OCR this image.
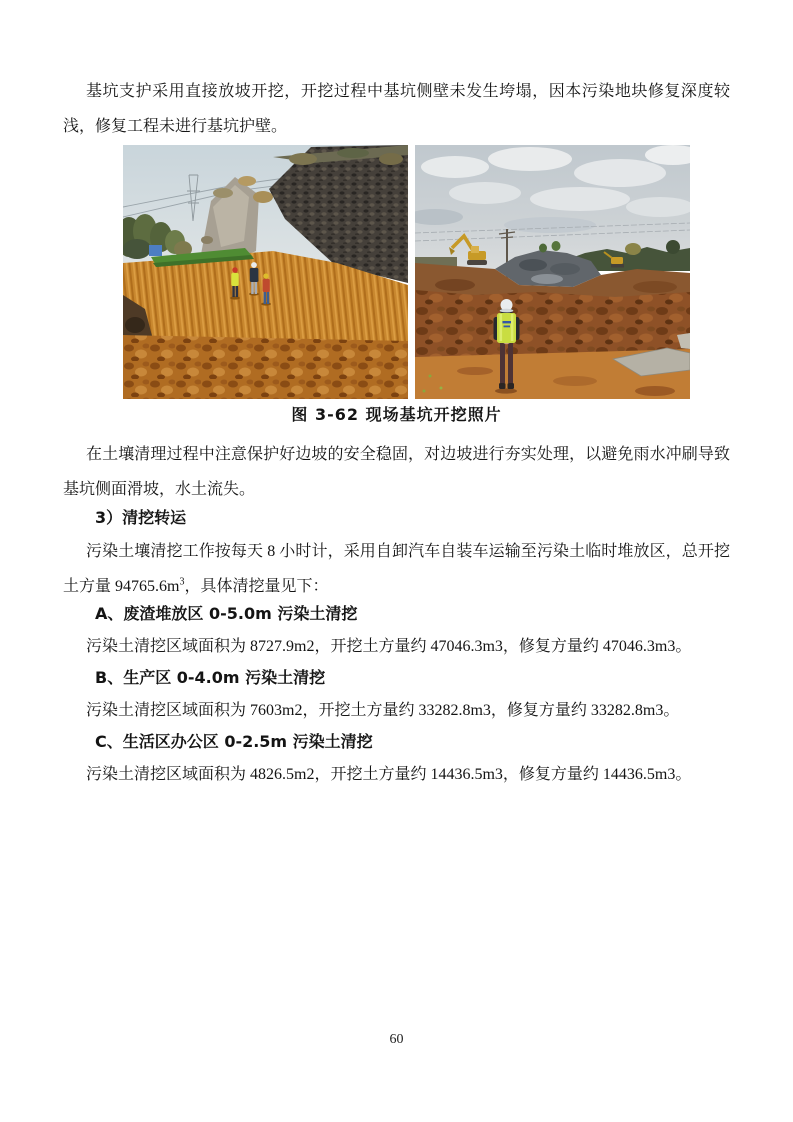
基坑支护采用直接放坡开挖，开挖过程中基坑侧壁未发生垮塌，因本污染地块修复深度较浅，修复工程未进行基坑护壁。

图 3-62 现场基坑开挖照片

在土壤清理过程中注意保护好边坡的安全稳固，对边坡进行夯实处理，以避免雨水冲刷导致基坑侧面滑坡，水土流失。

3）清挖转运

污染土壤清挖工作按每天 8 小时计，采用自卸汽车自装车运输至污染土临时堆放区，总开挖土方量 $94765.6m^3$，具体清挖量见下：

A、废渣堆放区 0-5.0m 污染土清挖

污染土清挖区域面积为 8727.9m2，开挖土方量约 47046.3m3，修复方量约 47046.3m3。

B、生产区 0-4.0m 污染土清挖

污染土清挖区域面积为 7603m2，开挖土方量约 33282.8m3，修复方量约 33282.8m3。

C、生活区办公区 0-2.5m 污染土清挖

污染土清挖区域面积为 4826.5m2，开挖土方量约 14436.5m3，修复方量约 14436.5m3。

60
